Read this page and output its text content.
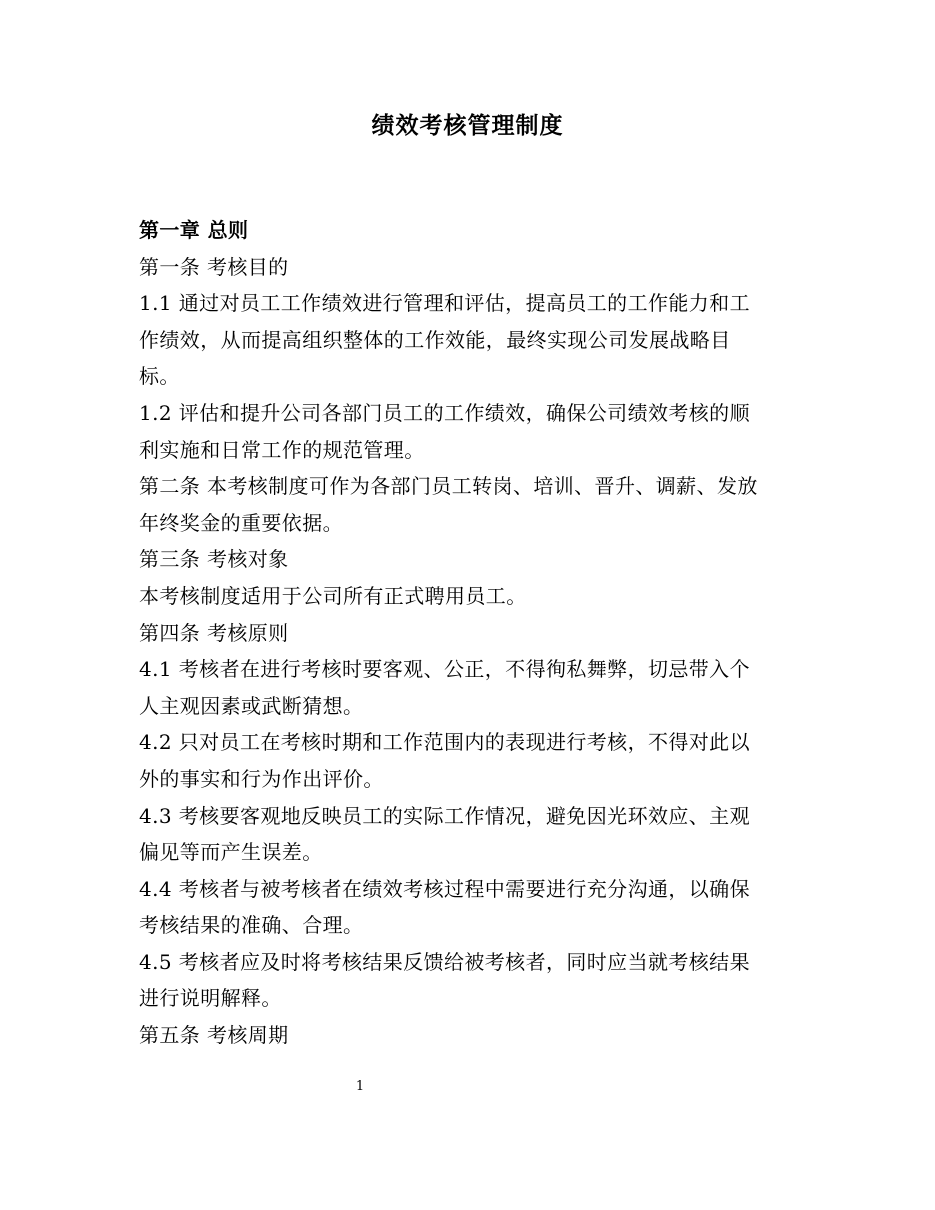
绩效考核管理制度
第一章 总则
第一条 考核目的
1.1 通过对员工工作绩效进行管理和评估，提高员工的工作能力和工
作绩效，从而提高组织整体的工作效能，最终实现公司发展战略目
标。
1.2 评估和提升公司各部门员工的工作绩效，确保公司绩效考核的顺
利实施和日常工作的规范管理。
第二条 本考核制度可作为各部门员工转岗、培训、晋升、调薪、发放
年终奖金的重要依据。
第三条 考核对象
本考核制度适用于公司所有正式聘用员工。
第四条 考核原则
4.1 考核者在进行考核时要客观、公正，不得徇私舞弊，切忌带入个
人主观因素或武断猜想。
4.2 只对员工在考核时期和工作范围内的表现进行考核，不得对此以
外的事实和行为作出评价。
4.3 考核要客观地反映员工的实际工作情况，避免因光环效应、主观
偏见等而产生误差。
4.4 考核者与被考核者在绩效考核过程中需要进行充分沟通，以确保
考核结果的准确、合理。
4.5 考核者应及时将考核结果反馈给被考核者，同时应当就考核结果
进行说明解释。
第五条 考核周期
1
